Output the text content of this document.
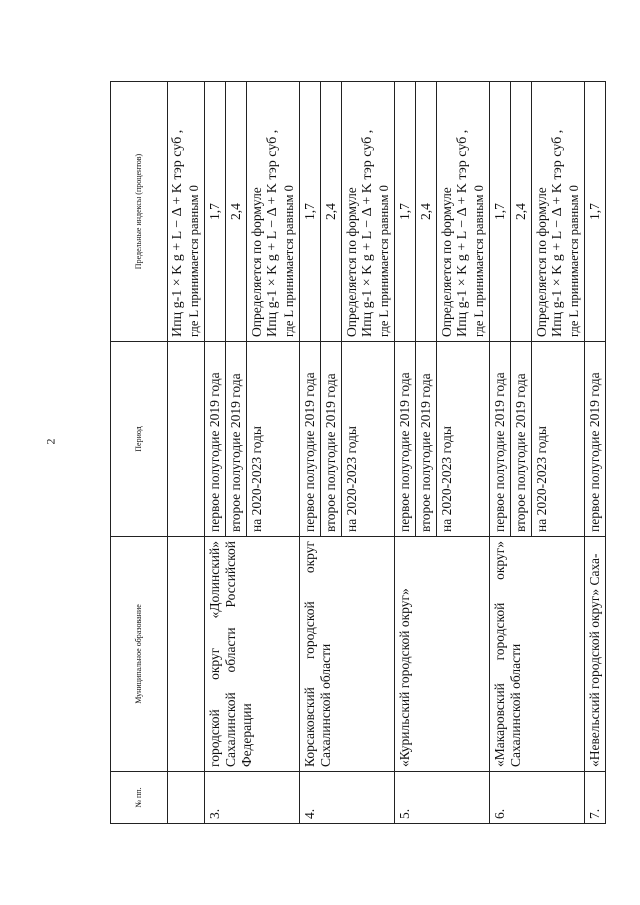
2
№ пп.	Муниципальное образование	Период	Предельные индексы (процентов)

			Ипц g-1 × K g + L − Δ + K тэр суб , где L принимается равным 0

3.	городской округ «Долинский» Сахалинской области Российской Федерации	первое полугодие 2019 года	1,7
		второе полугодие 2019 года	2,4
		на 2020-2023 годы	Определяется по формуле Ипц g-1 × K g + L − Δ + K тэр суб , где L принимается равным 0

4.	Корсаковский городской округ Сахалинской области	первое полугодие 2019 года	1,7
		второе полугодие 2019 года	2,4
		на 2020-2023 годы	Определяется по формуле Ипц g-1 × K g + L − Δ + K тэр суб , где L принимается равным 0

5.	«Курильский городской округ»	первое полугодие 2019 года	1,7
		второе полугодие 2019 года	2,4
		на 2020-2023 годы	Определяется по формуле Ипц g-1 × K g + L − Δ + K тэр суб , где L принимается равным 0

6.	«Макаровский городской округ» Сахалинской области	первое полугодие 2019 года	1,7
		второе полугодие 2019 года	2,4
		на 2020-2023 годы	Определяется по формуле Ипц g-1 × K g + L − Δ + K тэр суб , где L принимается равным 0

7.	«Невельский городской округ» Саха-	первое полугодие 2019 года	1,7
